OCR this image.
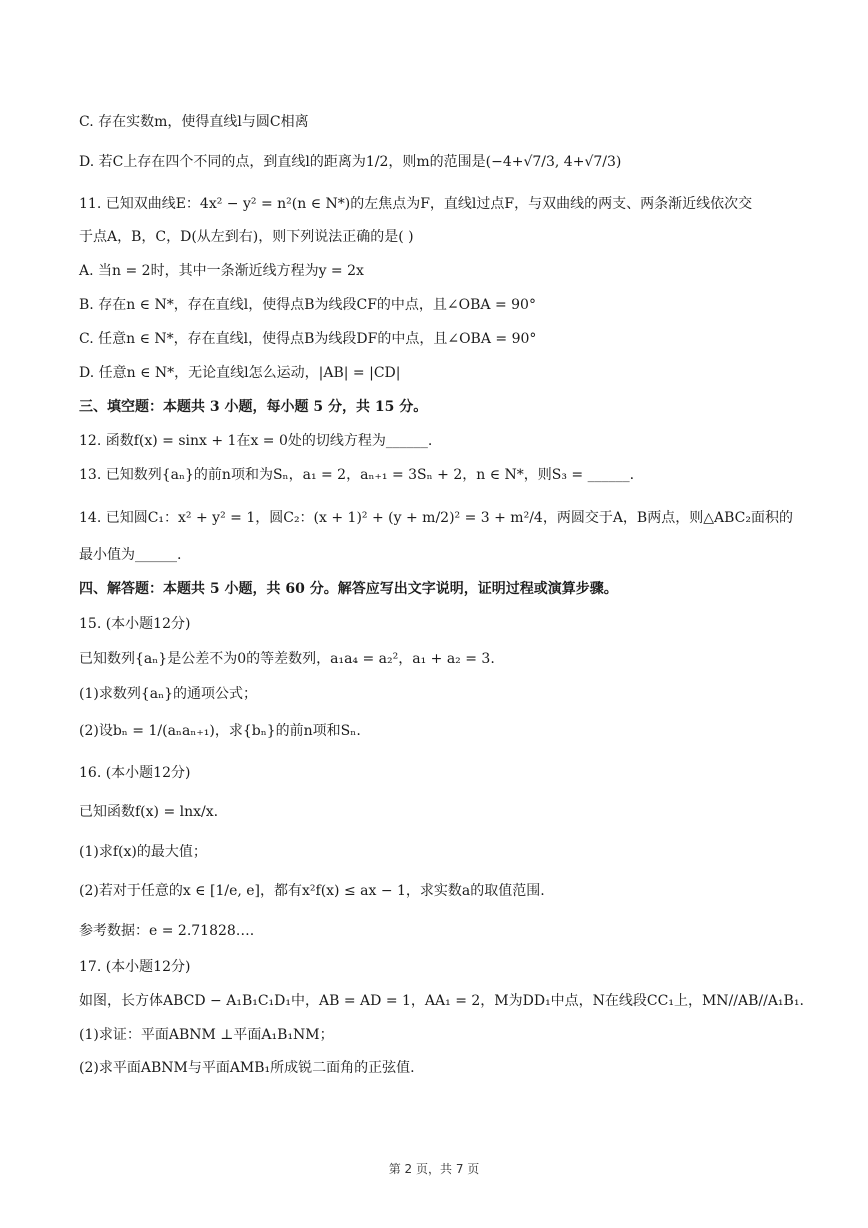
C. 存在实数m，使得直线l与圆C相离
D. 若C上存在四个不同的点，到直线l的距离为1/2，则m的范围是(−4+√7/3, 4+√7/3)
11. 已知双曲线E：4x² − y² = n²(n ∈ N*)的左焦点为F，直线l过点F，与双曲线的两支、两条渐近线依次交
于点A，B，C，D(从左到右)，则下列说法正确的是( )
A. 当n = 2时，其中一条渐近线方程为y = 2x
B. 存在n ∈ N*，存在直线l，使得点B为线段CF的中点，且∠OBA = 90°
C. 任意n ∈ N*，存在直线l，使得点B为线段DF的中点，且∠OBA = 90°
D. 任意n ∈ N*，无论直线l怎么运动，|AB| = |CD|
三、填空题：本题共 3 小题，每小题 5 分，共 15 分。
12. 函数f(x) = sinx + 1在x = 0处的切线方程为______.
13. 已知数列{aₙ}的前n项和为Sₙ，a₁ = 2，aₙ₊₁ = 3Sₙ + 2，n ∈ N*，则S₃ = ______.
14. 已知圆C₁：x² + y² = 1，圆C₂：(x + 1)² + (y + m/2)² = 3 + m²/4，两圆交于A，B两点，则△ABC₂面积的
最小值为______.
四、解答题：本题共 5 小题，共 60 分。解答应写出文字说明，证明过程或演算步骤。
15. (本小题12分)
已知数列{aₙ}是公差不为0的等差数列，a₁a₄ = a₂²，a₁ + a₂ = 3.
(1)求数列{aₙ}的通项公式；
(2)设bₙ = 1/(aₙaₙ₊₁)，求{bₙ}的前n项和Sₙ.
16. (本小题12分)
已知函数f(x) = lnx/x.
(1)求f(x)的最大值；
(2)若对于任意的x ∈ [1/e, e]，都有x²f(x) ≤ ax − 1，求实数a的取值范围.
参考数据：e = 2.71828….
17. (本小题12分)
如图，长方体ABCD − A₁B₁C₁D₁中，AB = AD = 1，AA₁ = 2，M为DD₁中点，N在线段CC₁上，MN//AB//A₁B₁.
(1)求证：平面ABNM ⊥平面A₁B₁NM；
(2)求平面ABNM与平面AMB₁所成锐二面角的正弦值.
第 2 页，共 7 页
